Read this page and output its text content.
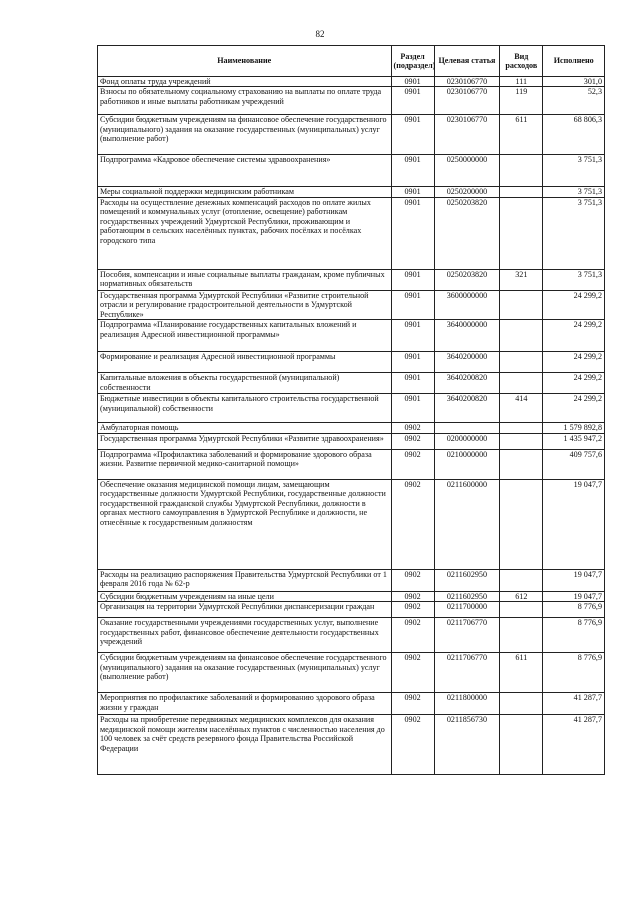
82
Наименование	Раздел (подраздел)	Целевая статья	Вид расходов	Исполнено
Фонд оплаты труда учреждений	0901	0230106770	111	301,0
Взносы по обязательному социальному страхованию на выплаты по оплате труда работников и иные выплаты работникам учреждений	0901	0230106770	119	52,3
Субсидии бюджетным учреждениям на финансовое обеспечение государственного (муниципального) задания на оказание государственных (муниципальных) услуг (выполнение работ)	0901	0230106770	611	68 806,3
Подпрограмма «Кадровое обеспечение системы здравоохранения»	0901	0250000000		3 751,3
Меры социальной поддержки медицинским работникам	0901	0250200000		3 751,3
Расходы на осуществление денежных компенсаций расходов по оплате жилых помещений и коммунальных услуг (отопление, освещение) работникам государственных учреждений Удмуртской Республики, проживающим и работающим в сельских населённых пунктах, рабочих посёлках и посёлках городского типа	0901	0250203820		3 751,3
Пособия, компенсации и иные социальные выплаты гражданам, кроме публичных нормативных обязательств	0901	0250203820	321	3 751,3
Государственная программа Удмуртской Республики «Развитие строительной отрасли и регулирование градостроительной деятельности в Удмуртской Республике»	0901	3600000000		24 299,2
Подпрограмма «Планирование государственных капитальных вложений и реализация Адресной инвестиционной программы»	0901	3640000000		24 299,2
Формирование и реализация Адресной инвестиционной программы	0901	3640200000		24 299,2
Капитальные вложения в объекты государственной (муниципальной) собственности	0901	3640200820		24 299,2
Бюджетные инвестиции в объекты капитального строительства государственной (муниципальной) собственности	0901	3640200820	414	24 299,2
Амбулаторная помощь	0902			1 579 892,8
Государственная программа Удмуртской Республики «Развитие здравоохранения»	0902	0200000000		1 435 947,2
Подпрограмма «Профилактика заболеваний и формирование здорового образа жизни. Развитие первичной медико-санитарной помощи»	0902	0210000000		409 757,6
Обеспечение оказания медицинской помощи лицам, замещающим государственные должности Удмуртской Республики, государственные должности государственной гражданской службы Удмуртской Республики, должности в органах местного самоуправления в Удмуртской Республике и должности, не отнесённые к государственным должностям	0902	0211600000		19 047,7
Расходы на реализацию распоряжения Правительства Удмуртской Республики от 1 февраля 2016 года № 62-р	0902	0211602950		19 047,7
Субсидии бюджетным учреждениям на иные цели	0902	0211602950	612	19 047,7
Организация на территории Удмуртской Республики диспансеризации граждан	0902	0211700000		8 776,9
Оказание государственными учреждениями государственных услуг, выполнение государственных работ, финансовое обеспечение деятельности государственных учреждений	0902	0211706770		8 776,9
Субсидии бюджетным учреждениям на финансовое обеспечение государственного (муниципального) задания на оказание государственных (муниципальных) услуг (выполнение работ)	0902	0211706770	611	8 776,9
Мероприятия по профилактике заболеваний и формированию здорового образа жизни у граждан	0902	0211800000		41 287,7
Расходы на приобретение передвижных медицинских комплексов для оказания медицинской помощи жителям населённых пунктов с численностью населения до 100 человек за счёт средств резервного фонда Правительства Российской Федерации	0902	0211856730		41 287,7
